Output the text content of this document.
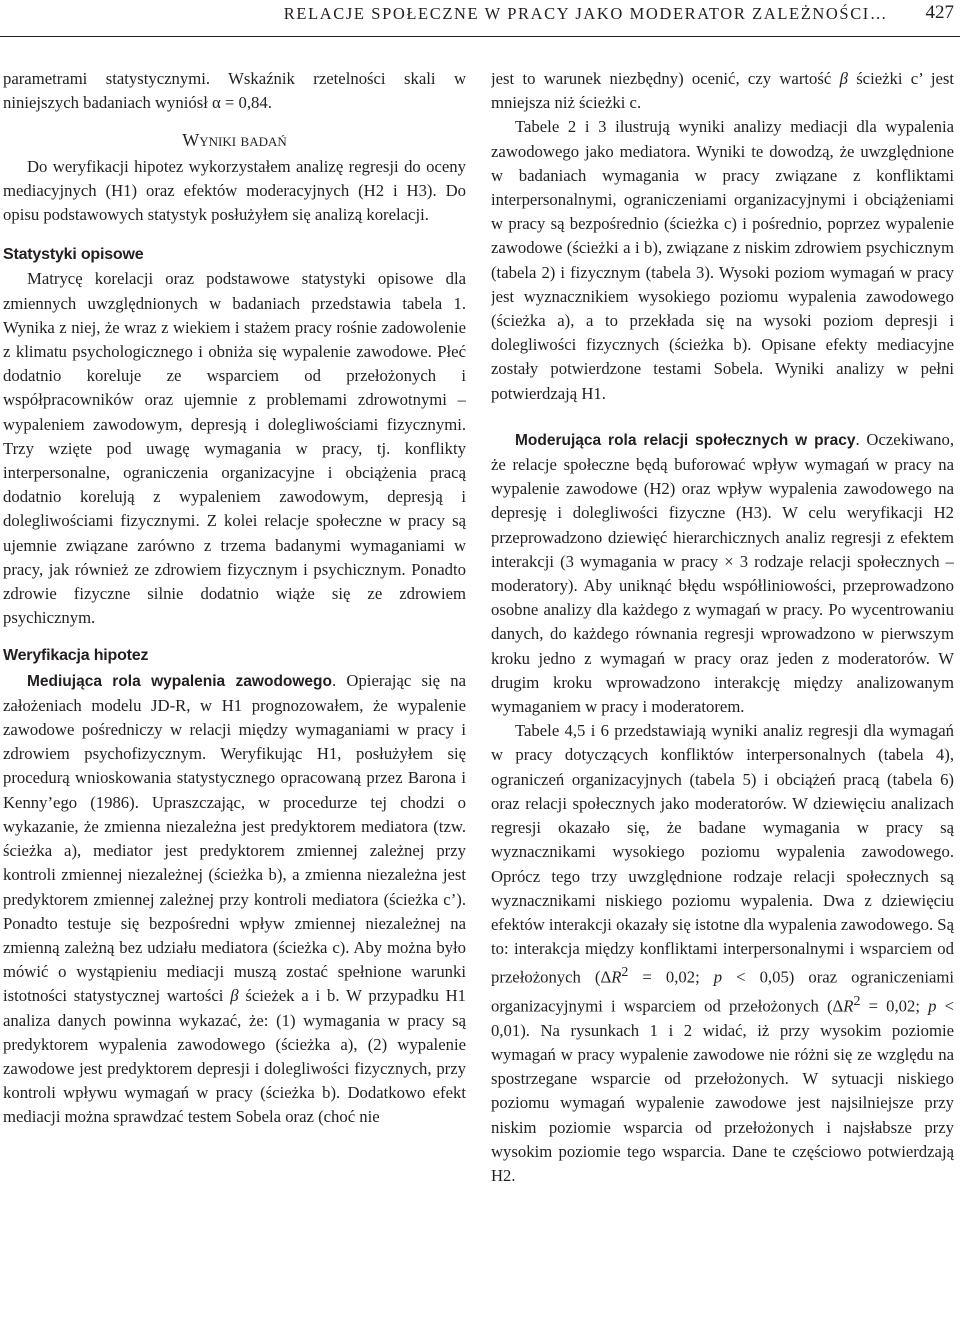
RELACJE SPOŁECZNE W PRACY JAKO MODERATOR ZALEŻNOŚCI… 427

parametrami statystycznymi. Wskaźnik rzetelności skali w niniejszych badaniach wyniósł α = 0,84.

Wyniki badań

Do weryfikacji hipotez wykorzystałem analizę regresji do oceny mediacyjnych (H1) oraz efektów moderacyjnych (H2 i H3). Do opisu podstawowych statystyk posłużyłem się analizą korelacji.

Statystyki opisowe

Matrycę korelacji oraz podstawowe statystyki opisowe dla zmiennych uwzględnionych w badaniach przedstawia tabela 1. Wynika z niej, że wraz z wiekiem i stażem pracy rośnie zadowolenie z klimatu psychologicznego i obniża się wypalenie zawodowe. Płeć dodatnio koreluje ze wsparciem od przełożonych i współpracowników oraz ujemnie z problemami zdrowotnymi – wypaleniem zawodowym, depresją i dolegliwościami fizycznymi. Trzy wzięte pod uwagę wymagania w pracy, tj. konflikty interpersonalne, ograniczenia organizacyjne i obciążenia pracą dodatnio korelują z wypaleniem zawodowym, depresją i dolegliwościami fizycznymi. Z kolei relacje społeczne w pracy są ujemnie związane zarówno z trzema badanymi wymaganiami w pracy, jak również ze zdrowiem fizycznym i psychicznym. Ponadto zdrowie fizyczne silnie dodatnio wiąże się ze zdrowiem psychicznym.

Weryfikacja hipotez

Mediująca rola wypalenia zawodowego. Opierając się na założeniach modelu JD-R, w H1 prognozowałem, że wypalenie zawodowe pośredniczy w relacji między wymaganiami w pracy i zdrowiem psychofizycznym. Weryfikując H1, posłużyłem się procedurą wnioskowania statystycznego opracowaną przez Barona i Kenny’ego (1986). Upraszczając, w procedurze tej chodzi o wykazanie, że zmienna niezależna jest predyktorem mediatora (tzw. ścieżka a), mediator jest predyktorem zmiennej zależnej przy kontroli zmiennej niezależnej (ścieżka b), a zmienna niezależna jest predyktorem zmiennej zależnej przy kontroli mediatora (ścieżka c’). Ponadto testuje się bezpośredni wpływ zmiennej niezależnej na zmienną zależną bez udziału mediatora (ścieżka c). Aby można było mówić o wystąpieniu mediacji muszą zostać spełnione warunki istotności statystycznej wartości β ścieżek a i b. W przypadku H1 analiza danych powinna wykazać, że: (1) wymagania w pracy są predyktorem wypalenia zawodowego (ścieżka a), (2) wypalenie zawodowe jest predyktorem depresji i dolegliwości fizycznych, przy kontroli wpływu wymagań w pracy (ścieżka b). Dodatkowo efekt mediacji można sprawdzać testem Sobela oraz (choć nie

jest to warunek niezbędny) ocenić, czy wartość β ścieżki c’ jest mniejsza niż ścieżki c.

Tabele 2 i 3 ilustrują wyniki analizy mediacji dla wypalenia zawodowego jako mediatora. Wyniki te dowodzą, że uwzględnione w badaniach wymagania w pracy związane z konfliktami interpersonalnymi, ograniczeniami organizacyjnymi i obciążeniami w pracy są bezpośrednio (ścieżka c) i pośrednio, poprzez wypalenie zawodowe (ścieżki a i b), związane z niskim zdrowiem psychicznym (tabela 2) i fizycznym (tabela 3). Wysoki poziom wymagań w pracy jest wyznacznikiem wysokiego poziomu wypalenia zawodowego (ścieżka a), a to przekłada się na wysoki poziom depresji i dolegliwości fizycznych (ścieżka b). Opisane efekty mediacyjne zostały potwierdzone testami Sobela. Wyniki analizy w pełni potwierdzają H1.

Moderująca rola relacji społecznych w pracy. Oczekiwano, że relacje społeczne będą buforować wpływ wymagań w pracy na wypalenie zawodowe (H2) oraz wpływ wypalenia zawodowego na depresję i dolegliwości fizyczne (H3). W celu weryfikacji H2 przeprowadzono dziewięć hierarchicznych analiz regresji z efektem interakcji (3 wymagania w pracy × 3 rodzaje relacji społecznych – moderatory). Aby uniknąć błędu współliniowości, przeprowadzono osobne analizy dla każdego z wymagań w pracy. Po wycentrowaniu danych, do każdego równania regresji wprowadzono w pierwszym kroku jedno z wymagań w pracy oraz jeden z moderatorów. W drugim kroku wprowadzono interakcję między analizowanym wymaganiem w pracy i moderatorem.

Tabele 4,5 i 6 przedstawiają wyniki analiz regresji dla wymagań w pracy dotyczących konfliktów interpersonalnych (tabela 4), ograniczeń organizacyjnych (tabela 5) i obciążeń pracą (tabela 6) oraz relacji społecznych jako moderatorów. W dziewięciu analizach regresji okazało się, że badane wymagania w pracy są wyznacznikami wysokiego poziomu wypalenia zawodowego. Oprócz tego trzy uwzględnione rodzaje relacji społecznych są wyznacznikami niskiego poziomu wypalenia. Dwa z dziewięciu efektów interakcji okazały się istotne dla wypalenia zawodowego. Są to: interakcja między konfliktami interpersonalnymi i wsparciem od przełożonych ($\Delta R^2 = 0,02$; p < 0,05) oraz ograniczeniami organizacyjnymi i wsparciem od przełożonych ($\Delta R^2 = 0,02$; p < 0,01). Na rysunkach 1 i 2 widać, iż przy wysokim poziomie wymagań w pracy wypalenie zawodowe nie różni się ze względu na spostrzegane wsparcie od przełożonych. W sytuacji niskiego poziomu wymagań wypalenie zawodowe jest najsilniejsze przy niskim poziomie wsparcia od przełożonych i najsłabsze przy wysokim poziomie tego wsparcia. Dane te częściowo potwierdzają H2.
